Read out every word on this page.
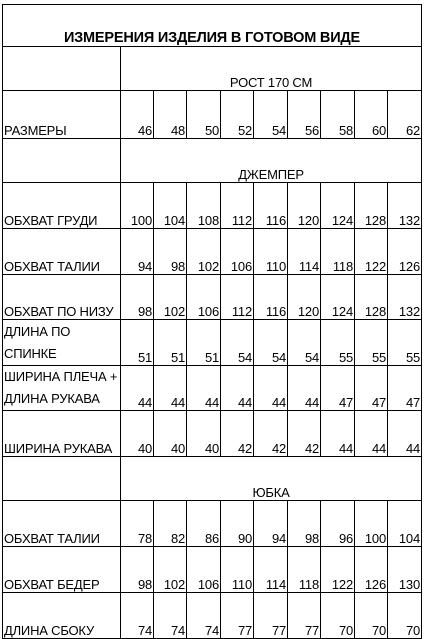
ИЗМЕРЕНИЯ ИЗДЕЛИЯ В ГОТОВОМ ВИДЕ									
	РОСТ 170 СМ								
РАЗМЕРЫ	46	48	50	52	54	56	58	60	62
	ДЖЕМПЕР								
ОБХВАТ ГРУДИ	100	104	108	112	116	120	124	128	132
ОБХВАТ ТАЛИИ	94	98	102	106	110	114	118	122	126
ОБХВАТ ПО НИЗУ	98	102	106	112	116	120	124	128	132

ДЛИНА ПО
СПИНКЕ	51	51	51	54	54	54	55	55	55

ШИРИНА ПЛЕЧА +
ДЛИНА РУКАВА	44	44	44	44	44	44	47	47	47
ШИРИНА РУКАВА	40	40	40	42	42	42	44	44	44
	ЮБКА								
ОБХВАТ ТАЛИИ	78	82	86	90	94	98	96	100	104
ОБХВАТ БЕДЕР	98	102	106	110	114	118	122	126	130
ДЛИНА СБОКУ	74	74	74	77	77	77	70	70	70
